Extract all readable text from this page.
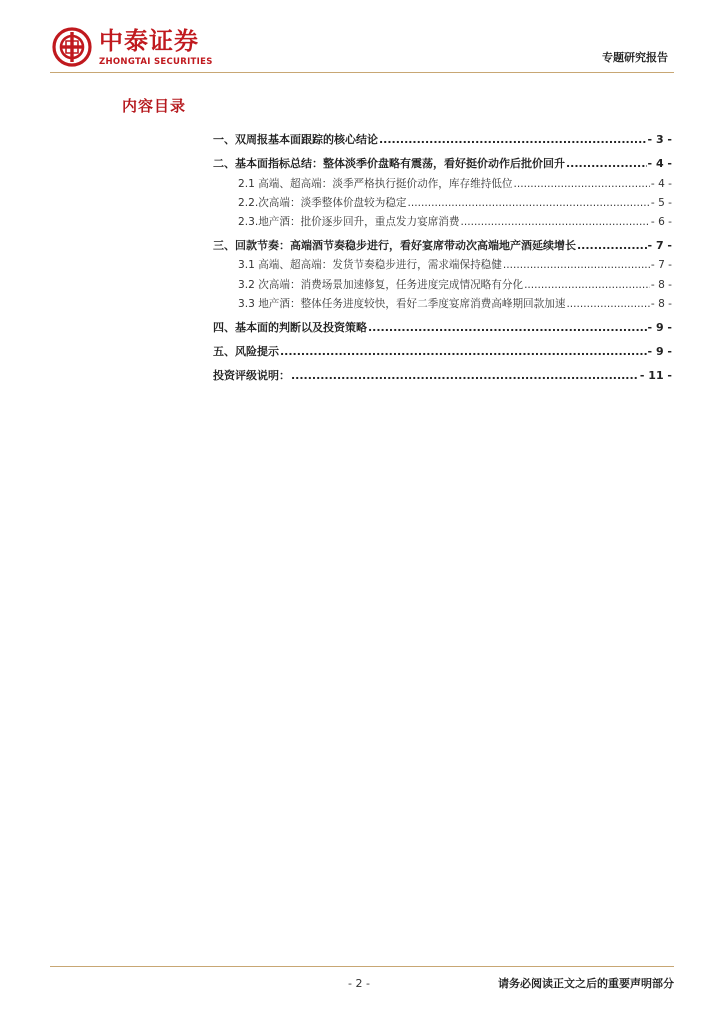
中泰证券
ZHONGTAI SECURITIES	专题研究报告
内容目录
一、双周报基本面跟踪的核心结论 .....	- 3 -
二、基本面指标总结：整体淡季价盘略有震荡，看好挺价动作后批价回升 .....	- 4 -
2.1 高端、超高端：淡季严格执行挺价动作，库存维持低位 .....	- 4 -
2.2.次高端：淡季整体价盘较为稳定 .....	- 5 -
2.3.地产酒：批价逐步回升，重点发力宴席消费 .....	- 6 -
三、回款节奏：高端酒节奏稳步进行，看好宴席带动次高端地产酒延续增长 .....	- 7 -
3.1 高端、超高端：发货节奏稳步进行，需求端保持稳健 .....	- 7 -
3.2 次高端：消费场景加速修复，任务进度完成情况略有分化 .....	- 8 -
3.3 地产酒：整体任务进度较快，看好二季度宴席消费高峰期回款加速 .....	- 8 -
四、基本面的判断以及投资策略 .....	- 9 -
五、风险提示 .....	- 9 -
投资评级说明： .....	- 11 -
- 2 -	请务必阅读正文之后的重要声明部分
